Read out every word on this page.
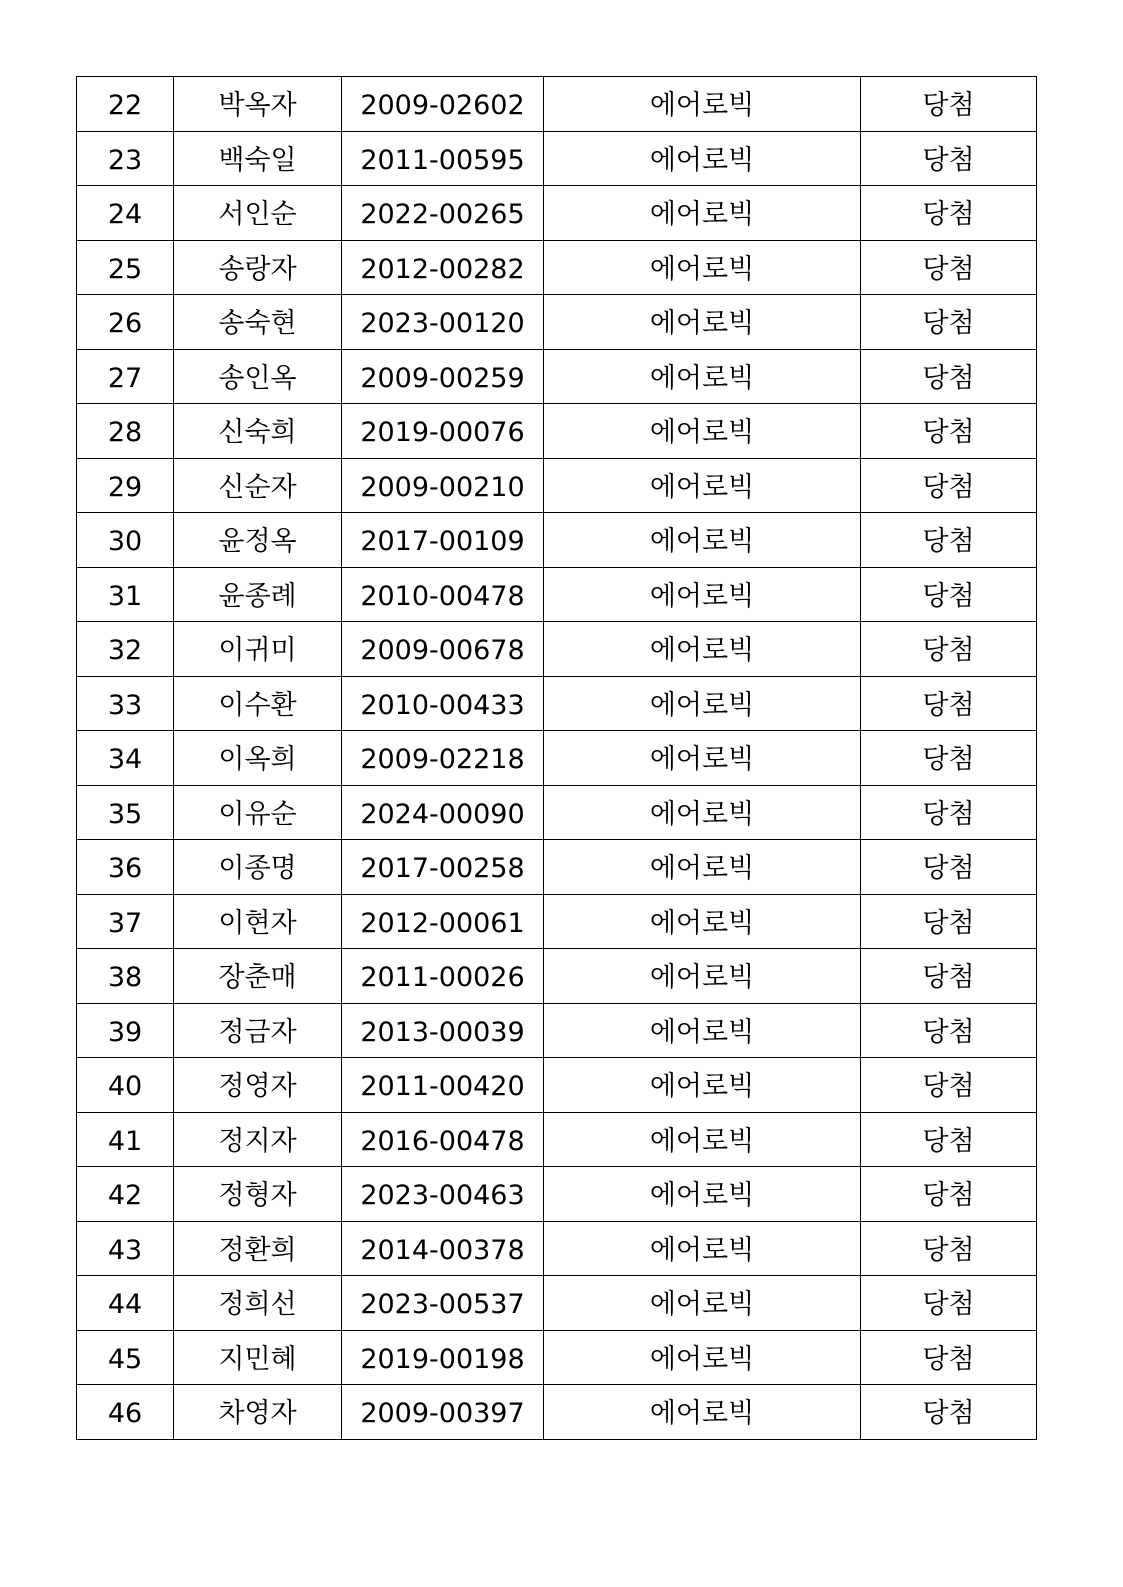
22	박옥자	2009-02602	에어로빅	당첨
23	백숙일	2011-00595	에어로빅	당첨
24	서인순	2022-00265	에어로빅	당첨
25	송랑자	2012-00282	에어로빅	당첨
26	송숙현	2023-00120	에어로빅	당첨
27	송인옥	2009-00259	에어로빅	당첨
28	신숙희	2019-00076	에어로빅	당첨
29	신순자	2009-00210	에어로빅	당첨
30	윤정옥	2017-00109	에어로빅	당첨
31	윤종례	2010-00478	에어로빅	당첨
32	이귀미	2009-00678	에어로빅	당첨
33	이수환	2010-00433	에어로빅	당첨
34	이옥희	2009-02218	에어로빅	당첨
35	이유순	2024-00090	에어로빅	당첨
36	이종명	2017-00258	에어로빅	당첨
37	이현자	2012-00061	에어로빅	당첨
38	장춘매	2011-00026	에어로빅	당첨
39	정금자	2013-00039	에어로빅	당첨
40	정영자	2011-00420	에어로빅	당첨
41	정지자	2016-00478	에어로빅	당첨
42	정형자	2023-00463	에어로빅	당첨
43	정환희	2014-00378	에어로빅	당첨
44	정희선	2023-00537	에어로빅	당첨
45	지민혜	2019-00198	에어로빅	당첨
46	차영자	2009-00397	에어로빅	당첨
